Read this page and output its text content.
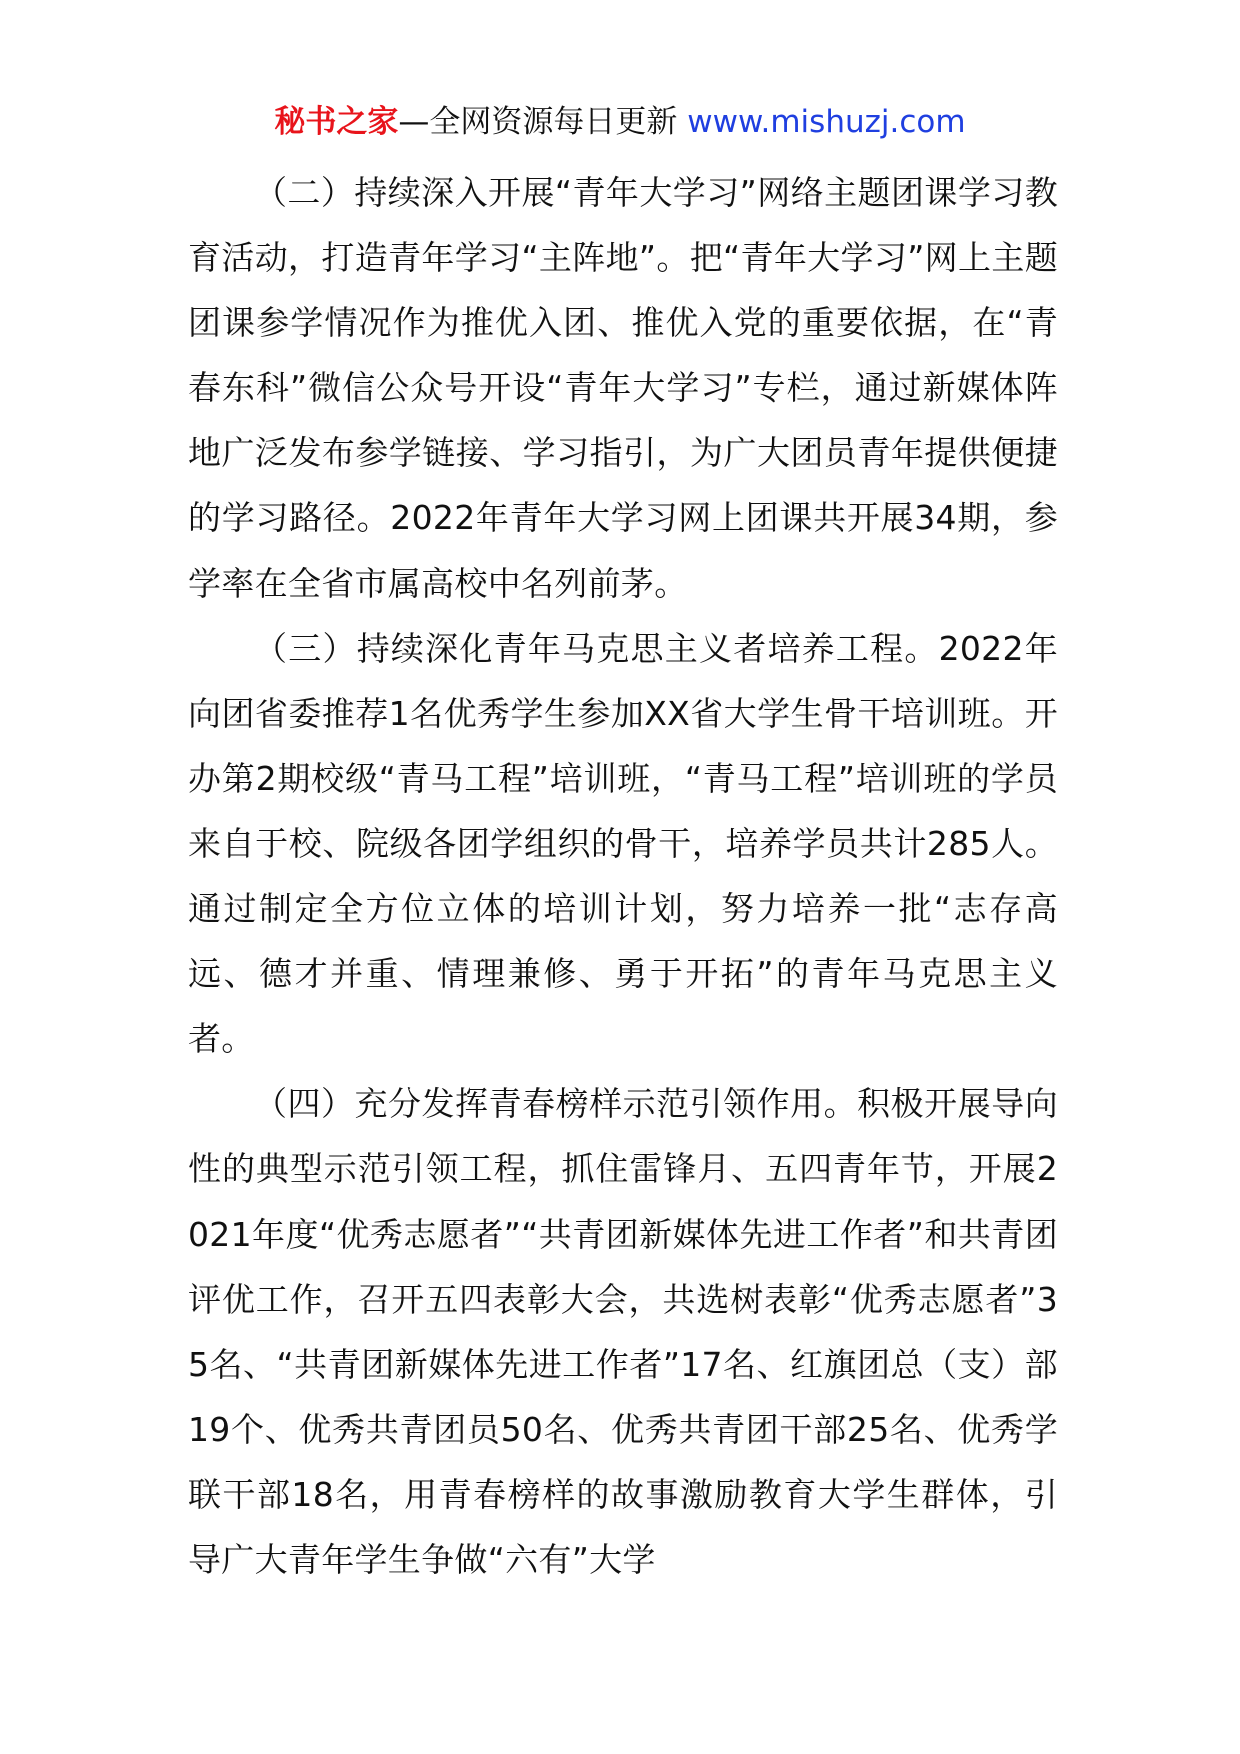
秘书之家—全网资源每日更新 www.mishuzj.com

（二）持续深入开展“青年大学习”网络主题团课学习教育活动，打造青年学习“主阵地”。把“青年大学习”网上主题团课参学情况作为推优入团、推优入党的重要依据，在“青春东科”微信公众号开设“青年大学习”专栏，通过新媒体阵地广泛发布参学链接、学习指引，为广大团员青年提供便捷的学习路径。2022年青年大学习网上团课共开展34期，参学率在全省市属高校中名列前茅。

（三）持续深化青年马克思主义者培养工程。2022年向团省委推荐1名优秀学生参加XX省大学生骨干培训班。开办第2期校级“青马工程”培训班，“青马工程”培训班的学员来自于校、院级各团学组织的骨干，培养学员共计285人。通过制定全方位立体的培训计划，努力培养一批“志存高远、德才并重、情理兼修、勇于开拓”的青年马克思主义者。

（四）充分发挥青春榜样示范引领作用。积极开展导向性的典型示范引领工程，抓住雷锋月、五四青年节，开展2021年度“优秀志愿者”“共青团新媒体先进工作者”和共青团评优工作，召开五四表彰大会，共选树表彰“优秀志愿者”35名、“共青团新媒体先进工作者”17名、红旗团总（支）部19个、优秀共青团员50名、优秀共青团干部25名、优秀学联干部18名，用青春榜样的故事激励教育大学生群体，引导广大青年学生争做“六有”大学
